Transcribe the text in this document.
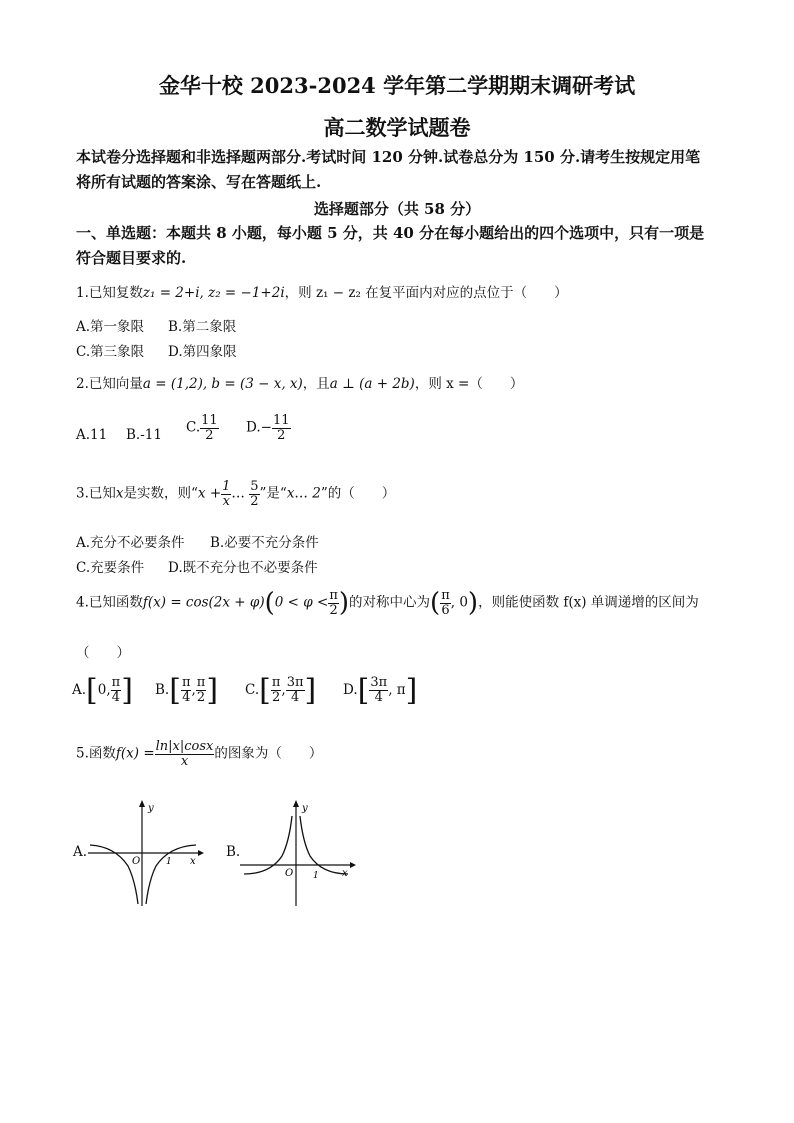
金华十校 2023-2024 学年第二学期期末调研考试
高二数学试题卷
本试卷分选择题和非选择题两部分.考试时间 120 分钟.试卷总分为 150 分.请考生按规定用笔
将所有试题的答案涂、写在答题纸上.
选择题部分（共 58 分）
一、单选题：本题共 8 小题，每小题 5 分，共 40 分在每小题给出的四个选项中，只有一项是
符合题目要求的.
1.已知复数z₁ = 2+i, z₂ = −1+2i，则 z₁ − z₂ 在复平面内对应的点位于（　　）
A.第一象限 B.第二象限
C.第三象限 D.第四象限
2.已知向量a = (1,2), b = (3 − x, x)，且a ⊥ (a + 2b)，则 x =（　　）
A.11 B.-11 C. $\frac{11}{2} D.- \frac{11}{2}$
3.已知x是实数，则“$x + \frac{1}{x}$ … $\frac{5}{2}$ ”是“x… 2”的（　　）
A.充分不必要条件 B.必要不充分条件
C.充要条件 D.既不充分也不必要条件
4.已知函数$f(x) = \cos(2x + \varphi)(0 < \varphi < \frac{\pi}{2}$ )的对称中心为( $\frac{\pi}{6}$ , 0)，则能使函数 f(x) 单调递增的区间为
（　　）
A.[0, $\frac{\pi}{4}$ ] $B.[ \frac{\pi}{4}$ , $\frac{\pi}{2}$ ] $C.[ \frac{\pi}{2}$ , $\frac{3\pi}{4}$ ] $D.[ \frac{3\pi}{4}$ , π]
5.函数$f(x) = \frac{\ln|x|\cos x}{x}$ 的图象为（　　）
A.	B.
y
x
O	1
y
x
O 1
